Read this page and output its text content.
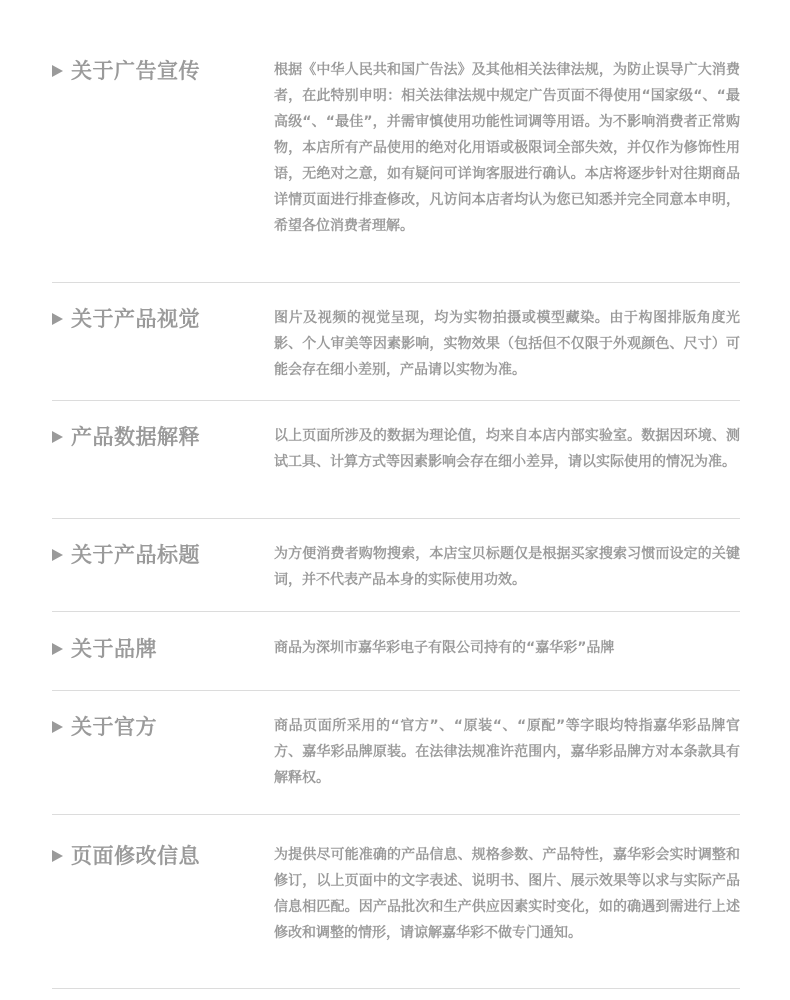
关于广告宣传	根据《中华人民共和国广告法》及其他相关法律法规，为防止误导广大消费者，在此特别申明：相关法律法规中规定广告页面不得使用“国家级“、“最高级“、“最佳”，并需审慎使用功能性词调等用语。为不影响消费者正常购物，本店所有产品使用的绝对化用语或极限词全部失效，并仅作为修饰性用语，无绝对之意，如有疑问可详询客服进行确认。本店将逐步针对往期商品详情页面进行排查修改，凡访问本店者均认为您已知悉并完全同意本申明，希望各位消费者理解。

关于产品视觉	图片及视频的视觉呈现，均为实物拍摄或模型藏染。由于构图排版角度光影、个人审美等因素影响，实物效果（包括但不仅限于外观颜色、尺寸）可能会存在细小差别，产品请以实物为准。

产品数据解释	以上页面所涉及的数据为理论值，均来自本店内部实验室。数据因环境、测试工具、计算方式等因素影响会存在细小差异，请以实际使用的情况为准。

关于产品标题	为方便消费者购物搜索，本店宝贝标题仅是根据买家搜索习惯而设定的关键词，并不代表产品本身的实际使用功效。

关于品牌	商品为深圳市嘉华彩电子有限公司持有的“嘉华彩”品牌

关于官方	商品页面所采用的“官方”、“原装“、“原配”等字眼均特指嘉华彩品牌官方、嘉华彩品牌原装。在法律法规准许范围内，嘉华彩品牌方对本条款具有解释权。

页面修改信息	为提供尽可能准确的产品信息、规格参数、产品特性，嘉华彩会实时调整和修订，以上页面中的文字表述、说明书、图片、展示效果等以求与实际产品信息相匹配。因产品批次和生产供应因素实时变化，如的确遇到需进行上述修改和调整的情形，请谅解嘉华彩不做专门通知。
